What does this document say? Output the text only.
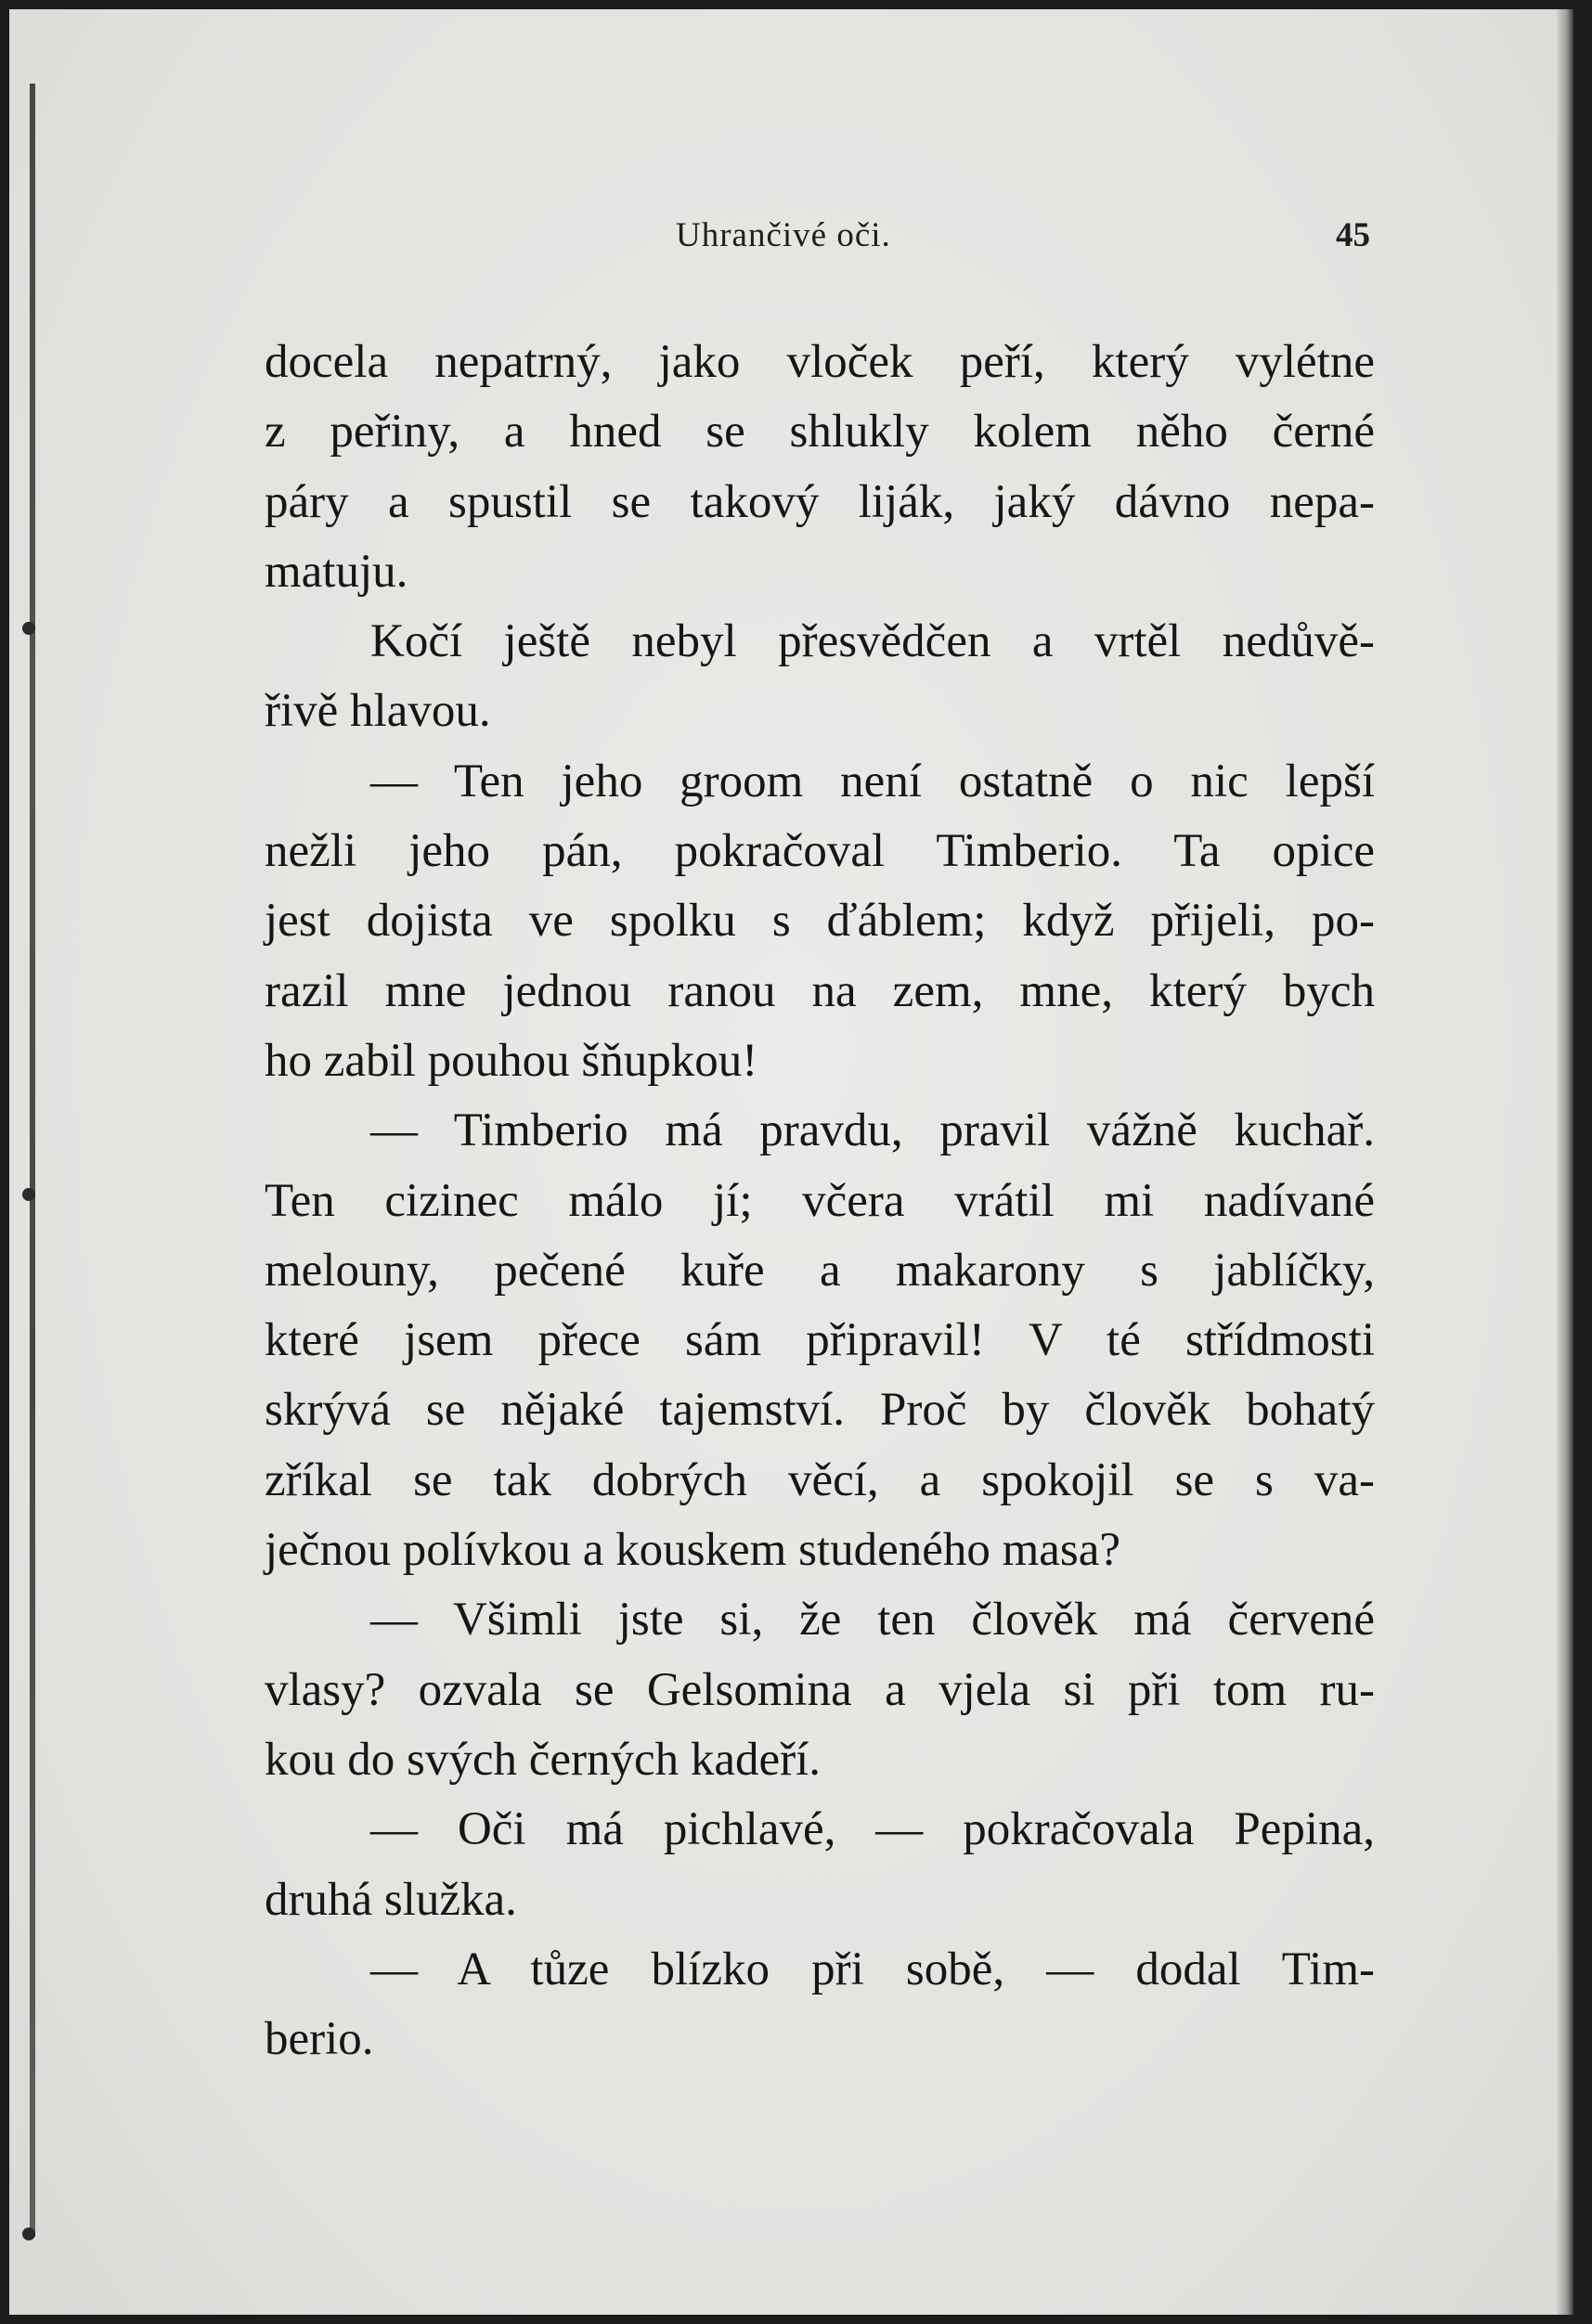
Uhrančivé oči.	45
docela nepatrný, jako vloček peří, který vylétne
z peřiny, a hned se shlukly kolem něho černé
páry a spustil se takový liják, jaký dávno nepa-
matuju.
Kočí ještě nebyl přesvědčen a vrtěl nedůvě-
řivě hlavou.
— Ten jeho groom není ostatně o nic lepší
nežli jeho pán, pokračoval Timberio. Ta opice
jest dojista ve spolku s ďáblem; když přijeli, po-
razil mne jednou ranou na zem, mne, který bych
ho zabil pouhou šňupkou!
— Timberio má pravdu, pravil vážně kuchař.
Ten cizinec málo jí; včera vrátil mi nadívané
melouny, pečené kuře a makarony s jablíčky,
které jsem přece sám připravil! V té střídmosti
skrývá se nějaké tajemství. Proč by člověk bohatý
zříkal se tak dobrých věcí, a spokojil se s va-
ječnou polívkou a kouskem studeného masa?
— Všimli jste si, že ten člověk má červené
vlasy? ozvala se Gelsomina a vjela si při tom ru-
kou do svých černých kadeří.
— Oči má pichlavé, — pokračovala Pepina,
druhá služka.
— A tůze blízko při sobě, — dodal Tim-
berio.
